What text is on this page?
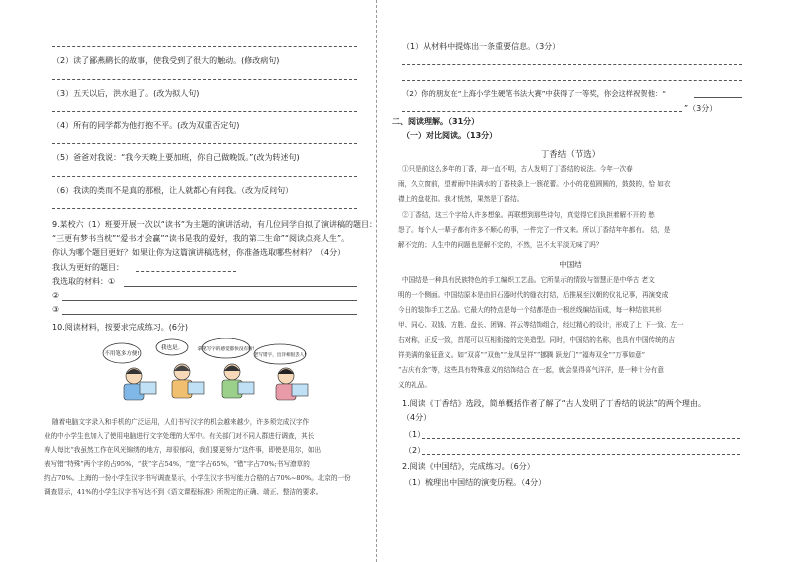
（2）读了鄙燕鹛长的故事，使我受到了很大的触动。(修改病句)
（3）五天以后，洪水退了。(改为拟人句)
（4）所有的同学都为他打抱不平。(改为双重否定句)
（5）爸爸对我说：“我今天晚上要加班，你自己做晚饭。”(改为转述句)
（6）我读的类而不是真的那根，让人就都心有问我。（改为反问句）
9.某校六（1）班要开展一次以“读书”为主题的演讲活动，有几位同学自拟了演讲稿的题目：
“三更有梦书当枕”“爱书才会赢”“读书是我的爱好，我的第二生命”“阅读点亮人生”。
你认为哪个题目更好？如果让你为这篇演讲稿选材，你准备选取哪些材料？（4分）
我认为更好的题目：
我选取的材料：①
②
③
10.阅读材料，按要求完成练习。(6分)
不用笔多方便!
我也是。	拿笔写字的感觉都快没有啦!
老写错字，出洋相很丢人!
随着电脑文字录入和手机的广泛运用，人们书写汉字的机会越来越少，许多须完成汉字作
业的中小学生也加入了使用电脑进行文字处理的大军中。有关部门对不同人群进行调查，其长
寿人每比“我虽然工作在风光锦绣的地方，却很郁闷，我们要更努力”这件事，即使是用尔，如出
表写错“特殊”两个字的占95%，“获”字占54%，“宽”字占65%，“错”字占70%;书写潦草的
约占70%。上海的一份小学生汉字书写调查显示，小学生汉字书写能力合格的占70%~80%。北京的一份
调查显示，41%的小学生汉字书写达不到《语文课程标准》所规定的正确、端正、整洁的要求。
（1）从材料中提炼出一条重要信息。（3分）
（2）你的朋友在“上海小学生硬笔书法大赛”中获得了一等奖，你会这样祝贺他：“
”（3分）
二、阅读理解。（31分）
（一）对比阅读。（13分）
丁香结（节选）
①只是前这么多年的丁香，却一直不明，古人发明了丁香结的说法。今年一次春
雨，久立窗前，望着雨中挂满水的丁香枝条上一簇花蕾。小小的花苞圆圆的，鼓鼓的，恰 如衣
襟上的盘花扣。我才恍然，果然是丁香结。
②丁香结，这三个字给人许多想象。再联想到那些诗句，真觉得它们负担着解不开的 愁
怨了。每个人一辈子都有许多不顺心的事，一件完了一件又来。所以丁香结年年都有。 结，是
解不完的；人生中的问题也是解不完的，不然，岂不太平淡无味了吗？
中国结
中国结是一种具有民族特色的手工编织工艺品。它所显示的情致与智慧正是中华古 老文
明的一个侧面。中国结原本是由旧石器时代的缝衣打结，后推展至汉朝的仪礼记事，再演变成
今日的装饰手工艺品。它最大的特点是每一个结都是由一根丝线编结而成，每一种结依其形
甲、同心、双钱、方胜、盘长、团锦、祥云等结饰组合，经过精心的设计，形成了上 下一致、左一
右对称，正反一致，首尾可以互相衔接的完美造型。同时，中国结的名称，也具有中国传统的吉
祥美满的象征意义。如“双喜”“双鱼”“龙凤呈祥”“挪腾 跃龙门”“福寿双全”“万事如意”
“吉庆有余”等，这些具有特殊意义的结饰结合 在一起，就会显得喜气洋洋，是一种十分有意
义的礼品。
1.阅读《丁香结》选段，简单概括作者了解了“古人发明了丁香结的说法”的两个理由。
（4分）
（1）
（2）
2.阅读《中国结》，完成练习。（6分）
（1）梳理出中国结的演变历程。（4分）
